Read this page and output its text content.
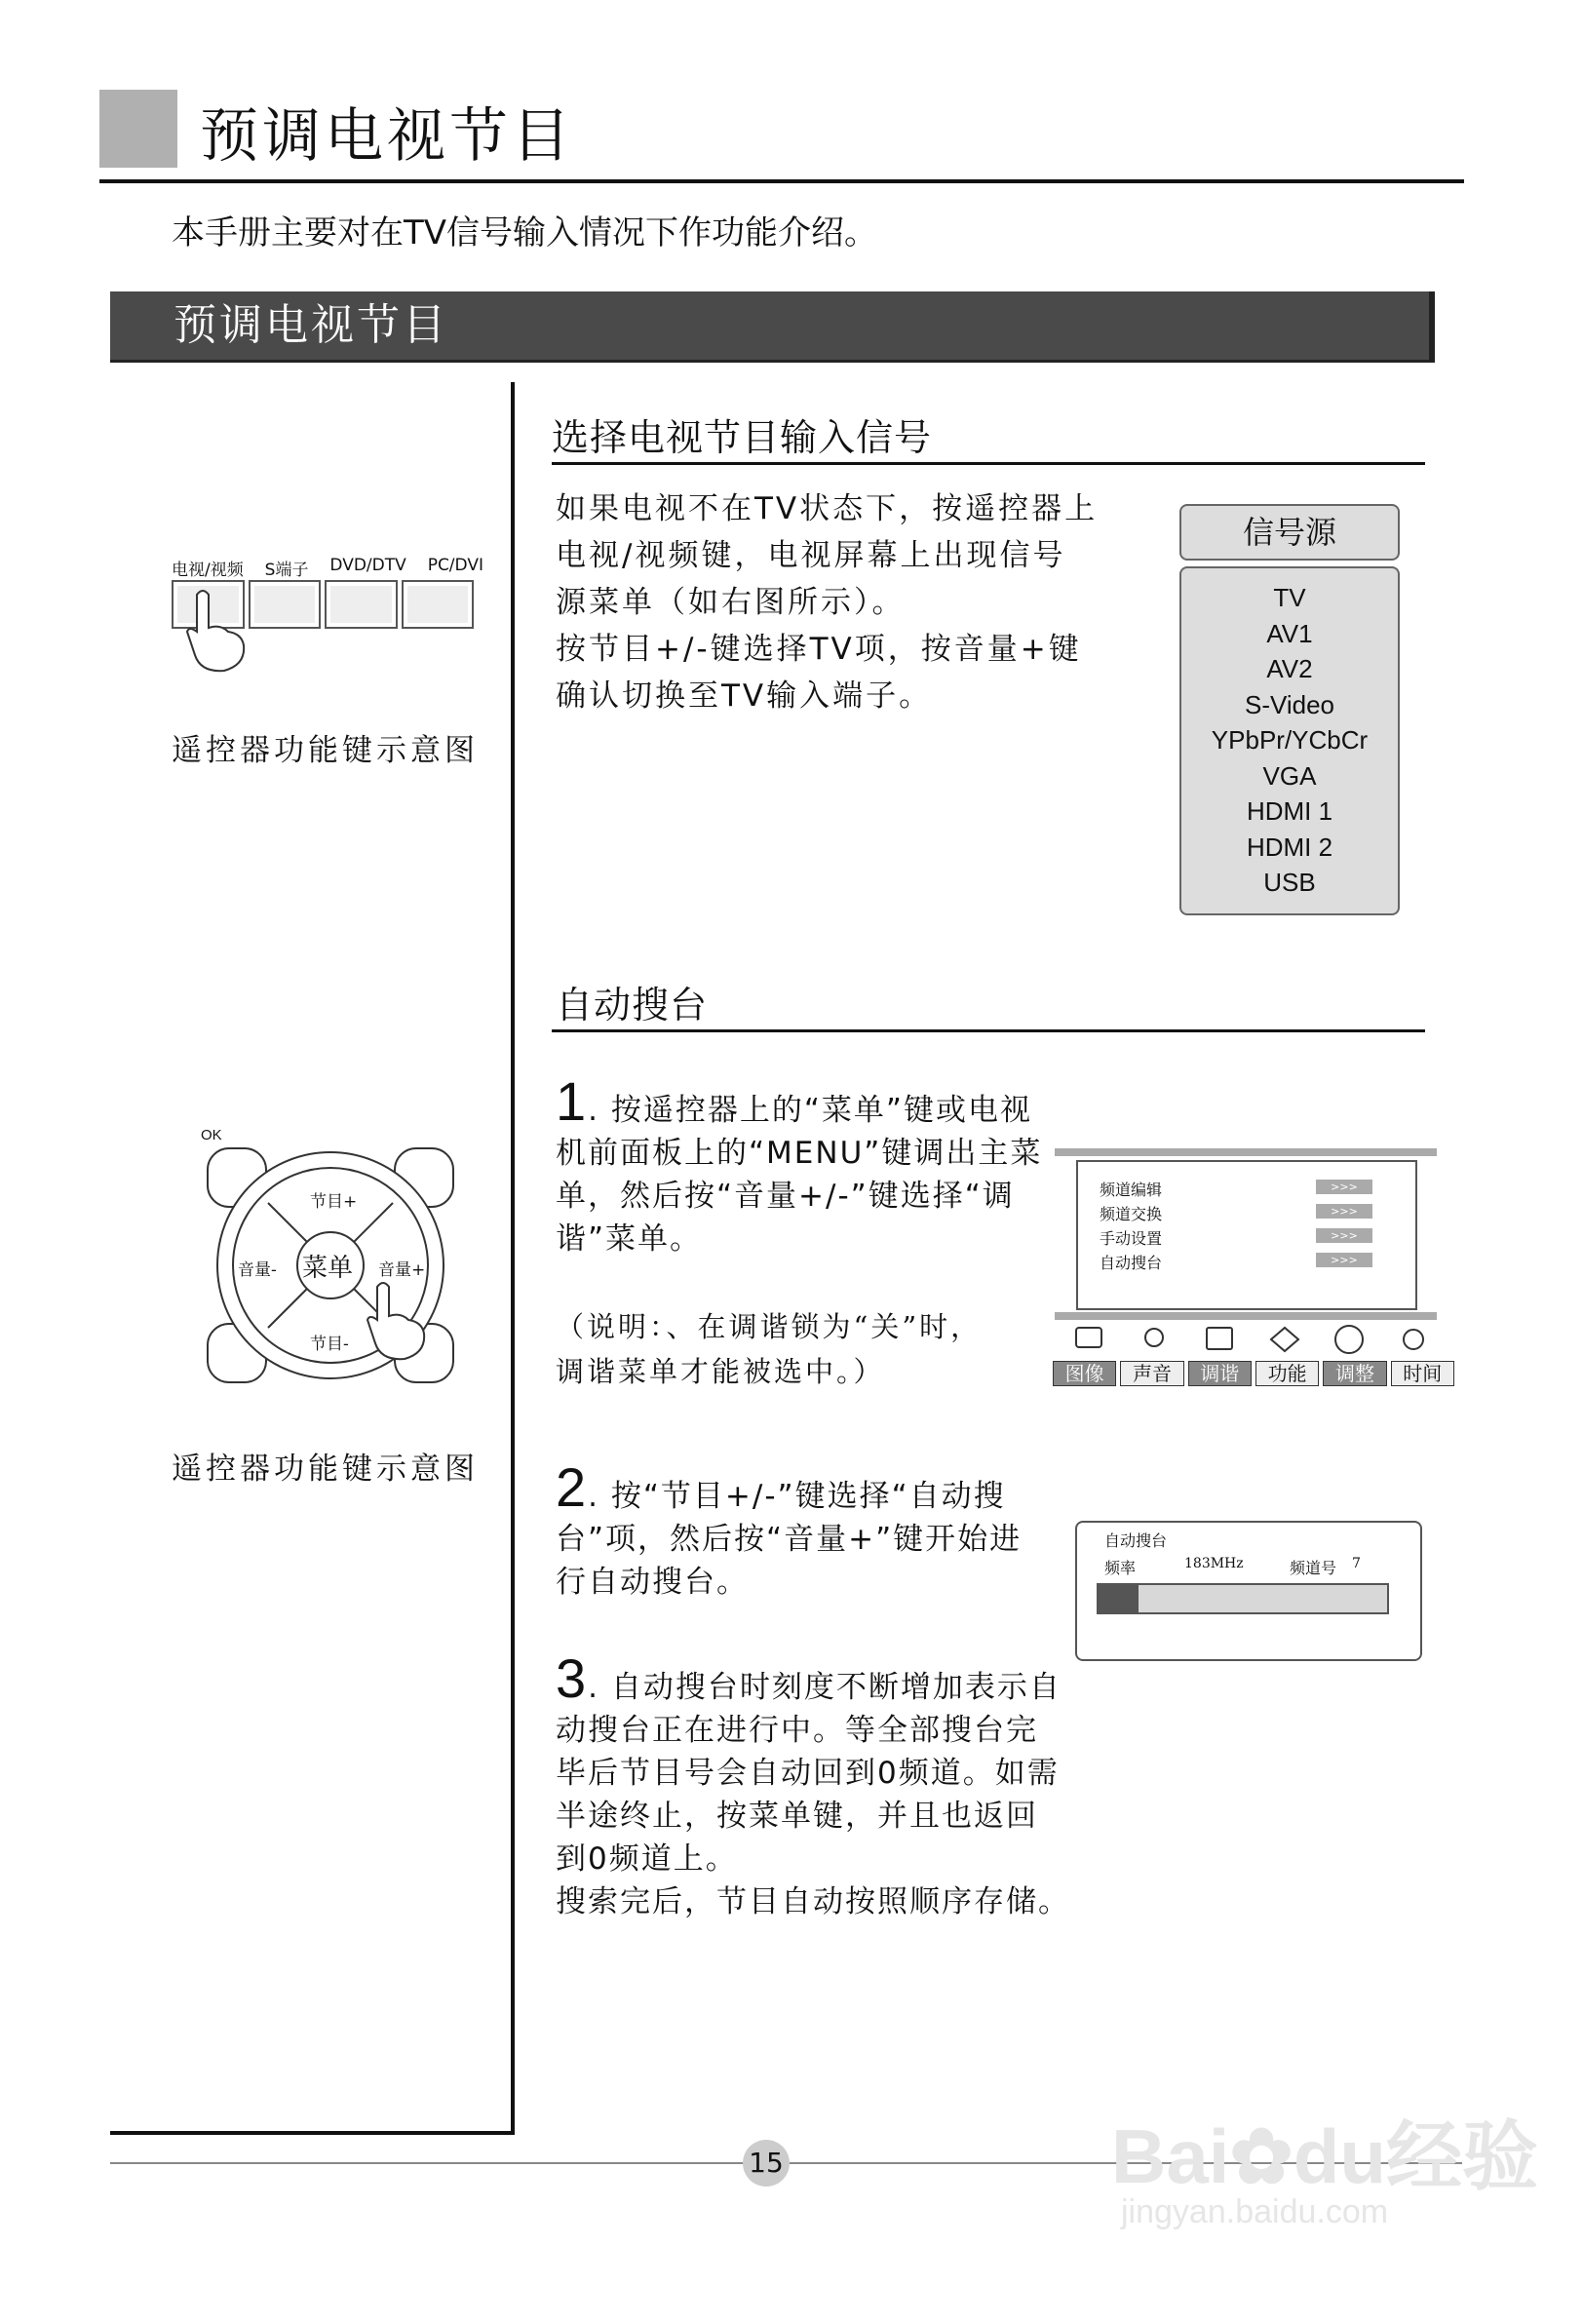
预调电视节目
本手册主要对在TV信号输入情况下作功能介绍。
预调电视节目
电视/视频 S端子 DVD/DTV PC/DVI
遥控器功能键示意图
OK
节目+
节目-
音量-	音量+
菜单
遥控器功能键示意图
选择电视节目输入信号
如果电视不在TV状态下，按遥控器上
电视/视频键，电视屏幕上出现信号
源菜单（如右图所示）。
按节目+/-键选择TV项，按音量+键
确认切换至TV输入端子。
信号源
TV
AV1
AV2
S-Video
YPbPr/YCbCr
VGA
HDMI 1
HDMI 2
USB
自动搜台
1. 按遥控器上的“菜单”键或电视
机前面板上的“MENU”键调出主菜
单，然后按“音量+/-”键选择“调
谐”菜单。
（说明：、在调谐锁为“关”时，
调谐菜单才能被选中。）
频道编辑
频道交换
手动设置
自动搜台
>>>
>>>
>>>
>>>
图像	声音	调谐	功能	调整	时间
2. 按“节目+/-”键选择“自动搜
台”项，然后按“音量+”键开始进
行自动搜台。
自动搜台
频率	183MHz	频道号 7
3. 自动搜台时刻度不断增加表示自
动搜台正在进行中。等全部搜台完
毕后节目号会自动回到0频道。如需
半途终止，按菜单键，并且也返回
到0频道上。
搜索完后，节目自动按照顺序存储。
15	Bai✿du经验
jingyan.baidu.com
